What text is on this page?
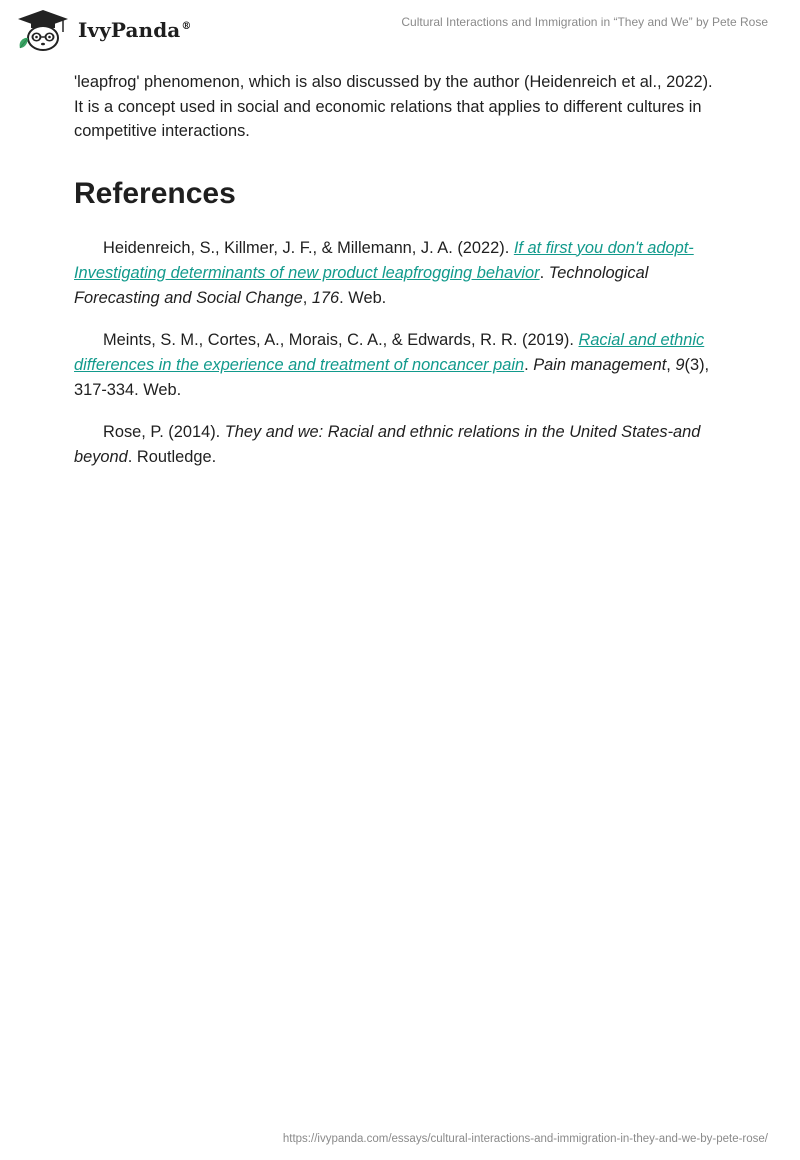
IvyPanda®	Cultural Interactions and Immigration in “They and We” by Pete Rose

'leapfrog' phenomenon, which is also discussed by the author (Heidenreich et al., 2022). It is a concept used in social and economic relations that applies to different cultures in competitive interactions.

References

Heidenreich, S., Killmer, J. F., & Millemann, J. A. (2022). If at first you don't adopt-Investigating determinants of new product leapfrogging behavior. Technological Forecasting and Social Change, 176. Web.

Meints, S. M., Cortes, A., Morais, C. A., & Edwards, R. R. (2019). Racial and ethnic differences in the experience and treatment of noncancer pain. Pain management, 9(3), 317-334. Web.

Rose, P. (2014). They and we: Racial and ethnic relations in the United States-and beyond. Routledge.

https://ivypanda.com/essays/cultural-interactions-and-immigration-in-they-and-we-by-pete-rose/
